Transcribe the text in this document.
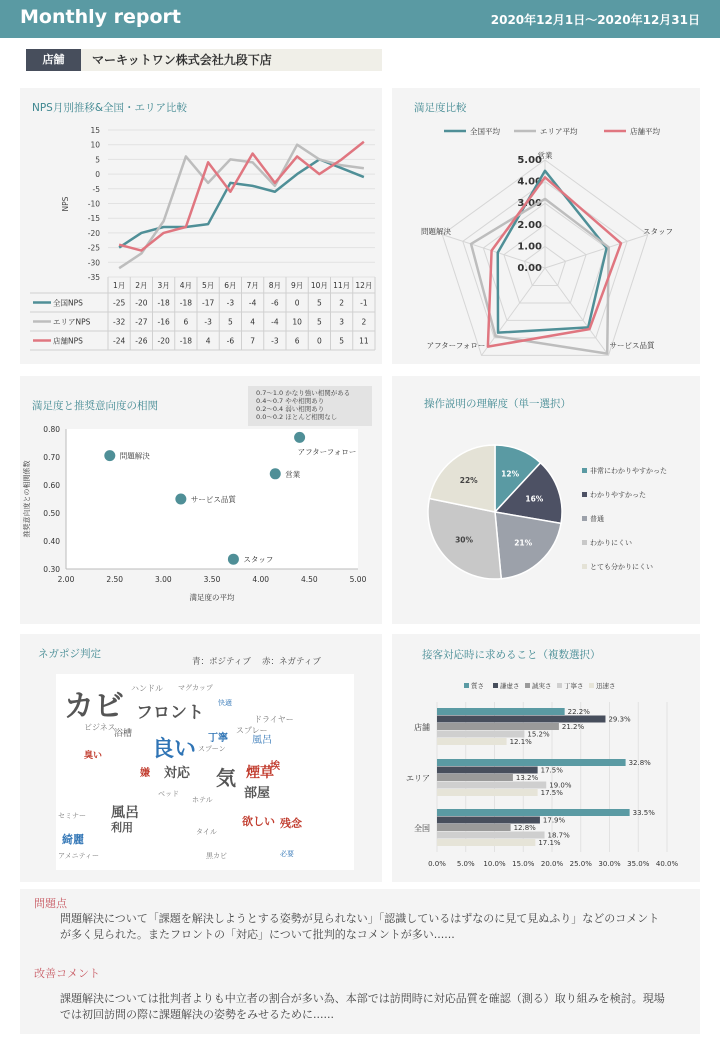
Monthly report	2020年12月1日～2020年12月31日
店舗	マーキットワン株式会社九段下店
15
10
5
0
-5
-10
-15
-20
-25
-30
-35
NPS
1月 2月 3月 4月 5月 6月 7月 8月 9月 10月 11月 12月
全国NPS	-25 -20 -18 -18 -17 -3 -4 -6 0 5 2 -1
エリアNPS	-32 -27 -16 6 -3 5 4 -4 10 5 3 2
店舗NPS	-24 -26 -20 -18 4 -6 7 -3 6 0 5 11
NPS月別推移&全国・エリア比較
0.00
1.00
2.00
3.00
4.00
5.00
営業
スタッフ
サービス品質
アフターフォロー
問題解決
全国平均	エリア平均	店舗平均
満足度比較
2.00	2.50	3.00	3.50	4.00	4.50	5.00
0.80
0.70
0.60
0.50
0.40
0.30
満足度の平均
推奨意向度との相関係数
問題解決	アフターフォロー
営業
サービス品質
スタッフ
満足度と推奨意向度の相関
0.7～1.0 かなり強い相関がある
0.4～0.7 やや相関あり
0.2～0.4 弱い相関あり
0.0～0.2 ほとんど相関なし
12%
16%
21%
30%
22%
非常にわかりやすかった
わかりやすかった
普通
わかりにくい
とても分かりにくい
操作説明の理解度（単一選択）
ネガポジ判定
青：ポジティブ　 赤：ネガティブ
カビ フロント
良い
気 煙草
対応
部屋
風呂
利用
綺麗
欲しい 残念
丁寧 風呂
浴槽
臭い
嫌
埃
ビジネス
マグカップ
ドライヤー
スプレー
アメニティー
ハンドル
ホテル
快適
必要
黒カビ
タイル
セミナー
ベッド
スプーン
0.0% 5.0% 10.0% 15.0% 20.0% 25.0% 30.0% 35.0% 40.0%
質さ 謙虚さ 誠実さ 丁寧さ 迅速さ
店舗
22.2%
29.3%
21.2%
15.2%
12.1%
エリア
32.8%
17.5%
13.2%
19.0%
17.5%
全国
33.5%
17.9%
12.8%
18.7%
17.1%
接客対応時に求めること（複数選択）
問題点
問題解決について「課題を解決しようとする姿勢が見られない」「認識しているはずなのに見て見ぬふり」などのコメントが多く見られた。またフロントの「対応」について批判的なコメントが多い......
改善コメント
課題解決については批判者よりも中立者の割合が多い為、本部では訪問時に対応品質を確認（測る）取り組みを検討。現場では初回訪問の際に課題解決の姿勢をみせるために......
